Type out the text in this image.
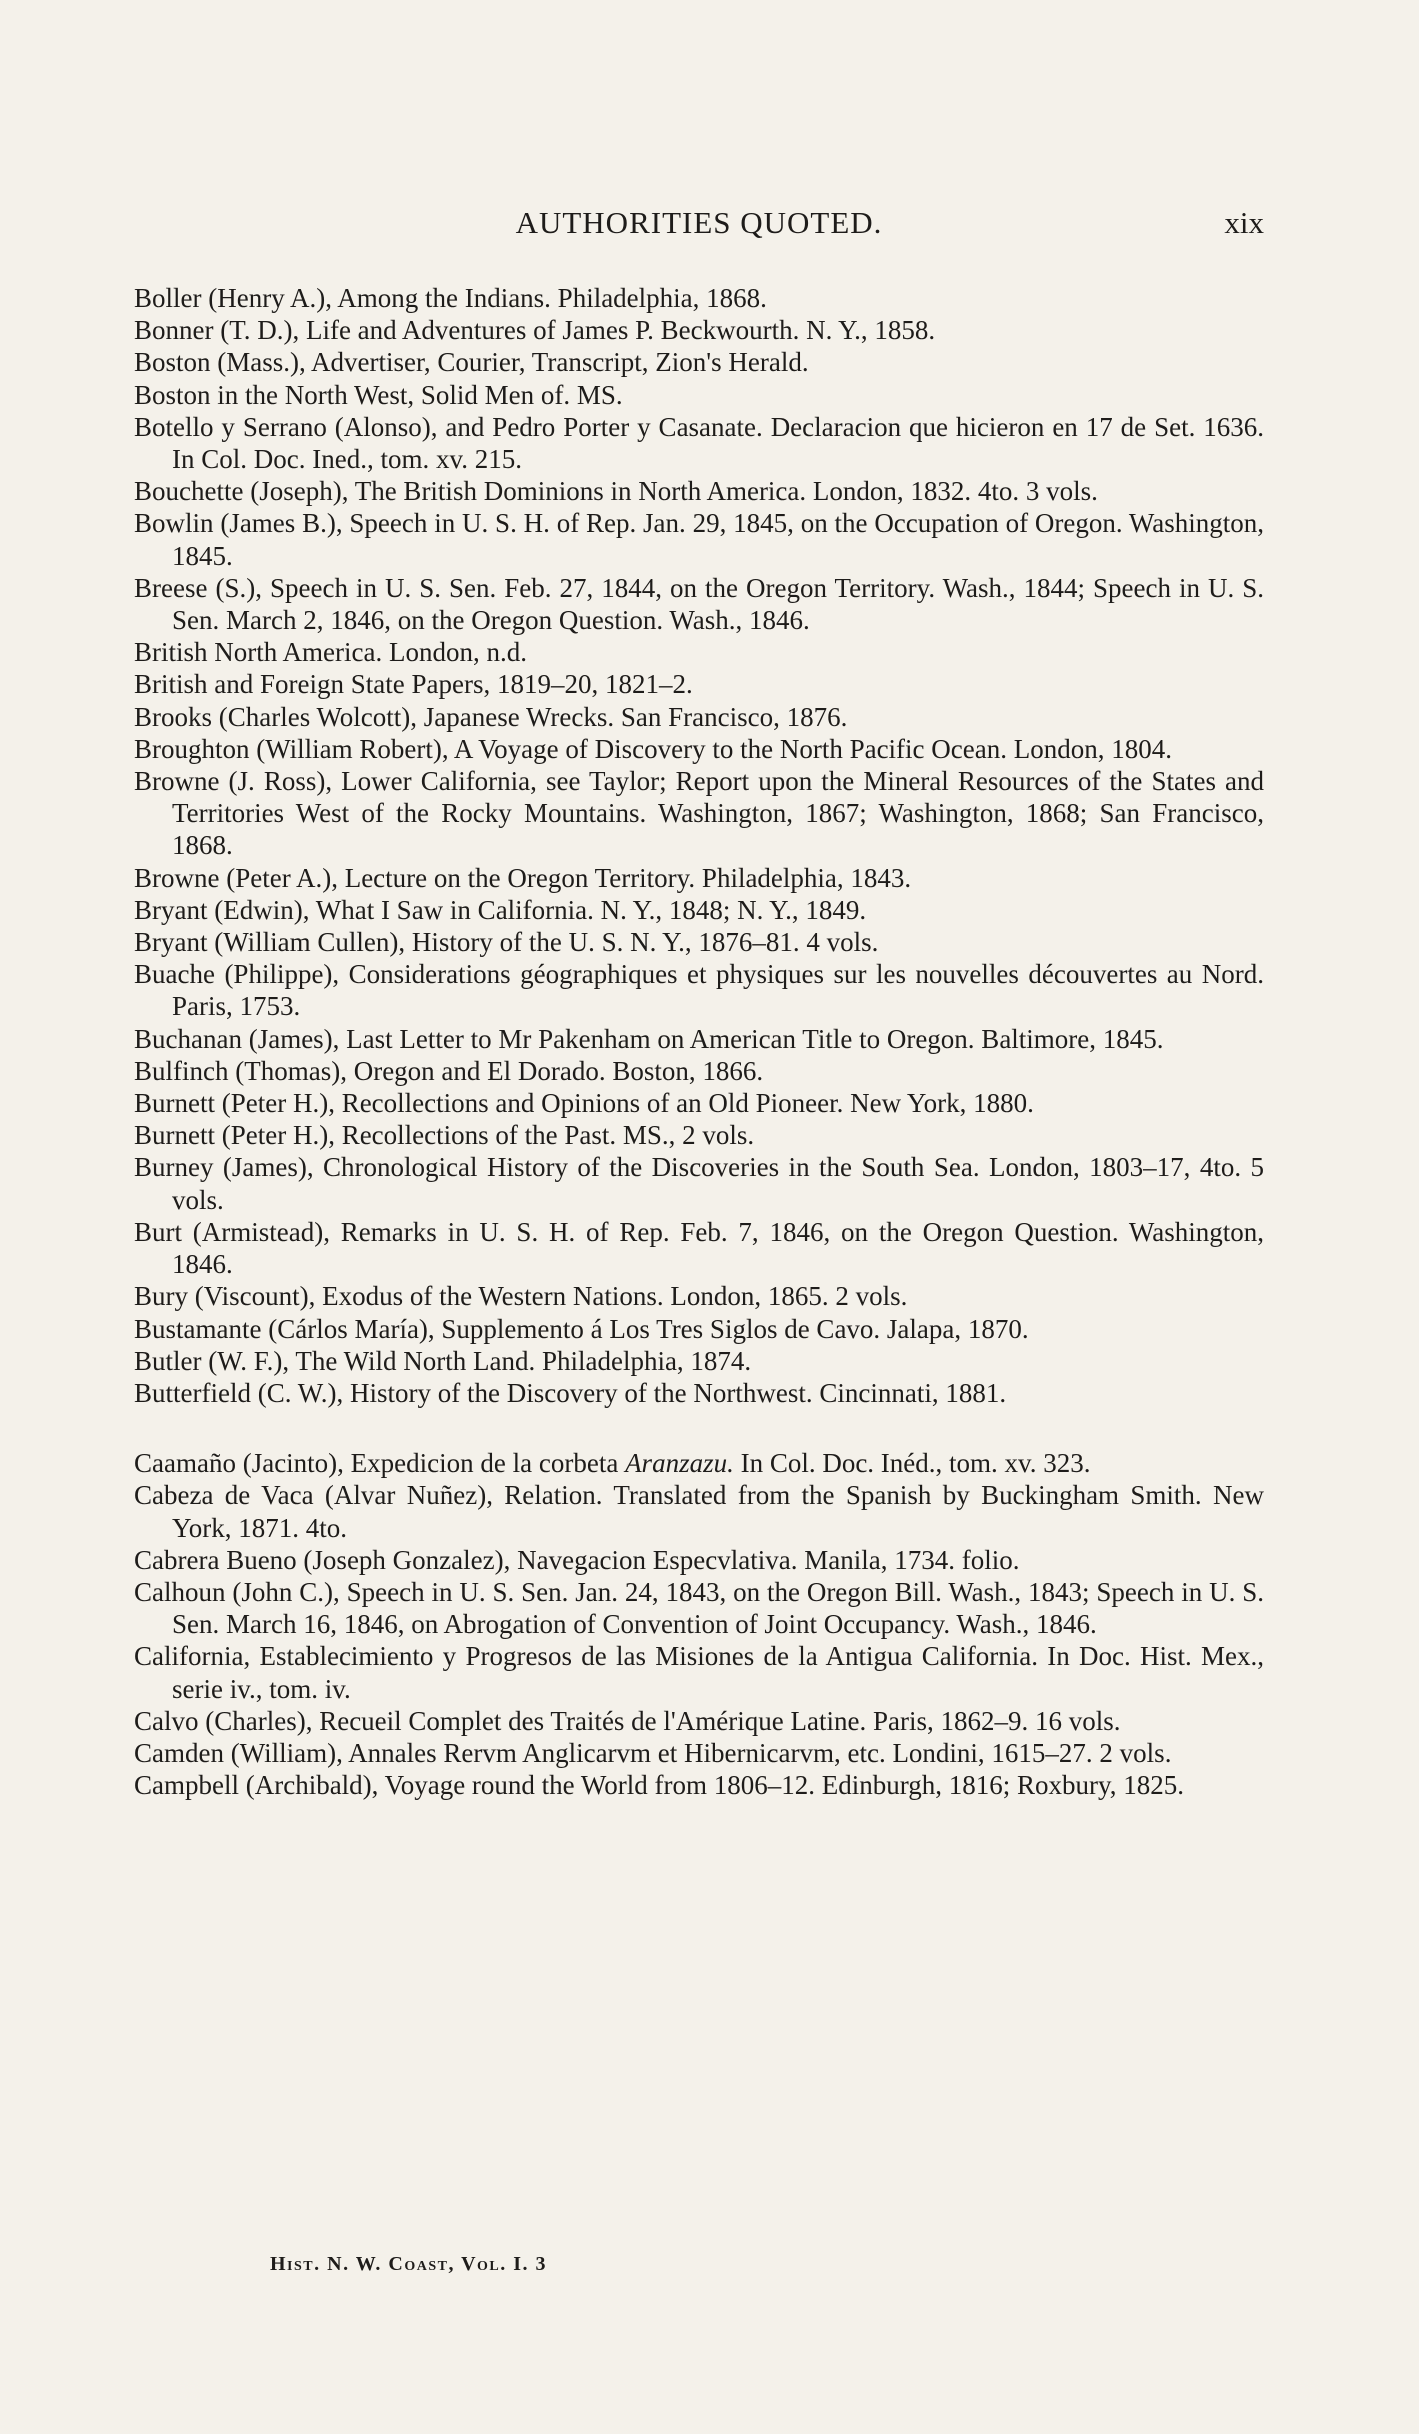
AUTHORITIES QUOTED.	xix

Boller (Henry A.), Among the Indians. Philadelphia, 1868.

Bonner (T. D.), Life and Adventures of James P. Beckwourth. N. Y., 1858.

Boston (Mass.), Advertiser, Courier, Transcript, Zion's Herald.

Boston in the North West, Solid Men of. MS.

Botello y Serrano (Alonso), and Pedro Porter y Casanate. Declaracion que hicieron en 17 de Set. 1636. In Col. Doc. Ined., tom. xv. 215.

Bouchette (Joseph), The British Dominions in North America. London, 1832. 4to. 3 vols.

Bowlin (James B.), Speech in U. S. H. of Rep. Jan. 29, 1845, on the Occupation of Oregon. Washington, 1845.

Breese (S.), Speech in U. S. Sen. Feb. 27, 1844, on the Oregon Territory. Wash., 1844; Speech in U. S. Sen. March 2, 1846, on the Oregon Question. Wash., 1846.

British North America. London, n.d.

British and Foreign State Papers, 1819–20, 1821–2.

Brooks (Charles Wolcott), Japanese Wrecks. San Francisco, 1876.

Broughton (William Robert), A Voyage of Discovery to the North Pacific Ocean. London, 1804.

Browne (J. Ross), Lower California, see Taylor; Report upon the Mineral Resources of the States and Territories West of the Rocky Mountains. Washington, 1867; Washington, 1868; San Francisco, 1868.

Browne (Peter A.), Lecture on the Oregon Territory. Philadelphia, 1843.

Bryant (Edwin), What I Saw in California. N. Y., 1848; N. Y., 1849.

Bryant (William Cullen), History of the U. S. N. Y., 1876–81. 4 vols.

Buache (Philippe), Considerations géographiques et physiques sur les nouvelles découvertes au Nord. Paris, 1753.

Buchanan (James), Last Letter to Mr Pakenham on American Title to Oregon. Baltimore, 1845.

Bulfinch (Thomas), Oregon and El Dorado. Boston, 1866.

Burnett (Peter H.), Recollections and Opinions of an Old Pioneer. New York, 1880.

Burnett (Peter H.), Recollections of the Past. MS., 2 vols.

Burney (James), Chronological History of the Discoveries in the South Sea. London, 1803–17, 4to. 5 vols.

Burt (Armistead), Remarks in U. S. H. of Rep. Feb. 7, 1846, on the Oregon Question. Washington, 1846.

Bury (Viscount), Exodus of the Western Nations. London, 1865. 2 vols.

Bustamante (Cárlos María), Supplemento á Los Tres Siglos de Cavo. Jalapa, 1870.

Butler (W. F.), The Wild North Land. Philadelphia, 1874.

Butterfield (C. W.), History of the Discovery of the Northwest. Cincinnati, 1881.

Caamaño (Jacinto), Expedicion de la corbeta Aranzazu. In Col. Doc. Inéd., tom. xv. 323.

Cabeza de Vaca (Alvar Nuñez), Relation. Translated from the Spanish by Buckingham Smith. New York, 1871. 4to.

Cabrera Bueno (Joseph Gonzalez), Navegacion Especvlativa. Manila, 1734. folio.

Calhoun (John C.), Speech in U. S. Sen. Jan. 24, 1843, on the Oregon Bill. Wash., 1843; Speech in U. S. Sen. March 16, 1846, on Abrogation of Convention of Joint Occupancy. Wash., 1846.

California, Establecimiento y Progresos de las Misiones de la Antigua California. In Doc. Hist. Mex., serie iv., tom. iv.

Calvo (Charles), Recueil Complet des Traités de l'Amérique Latine. Paris, 1862–9. 16 vols.

Camden (William), Annales Rervm Anglicarvm et Hibernicarvm, etc. Londini, 1615–27. 2 vols.

Campbell (Archibald), Voyage round the World from 1806–12. Edinburgh, 1816; Roxbury, 1825.

Hist. N. W. Coast, Vol. I. 3
